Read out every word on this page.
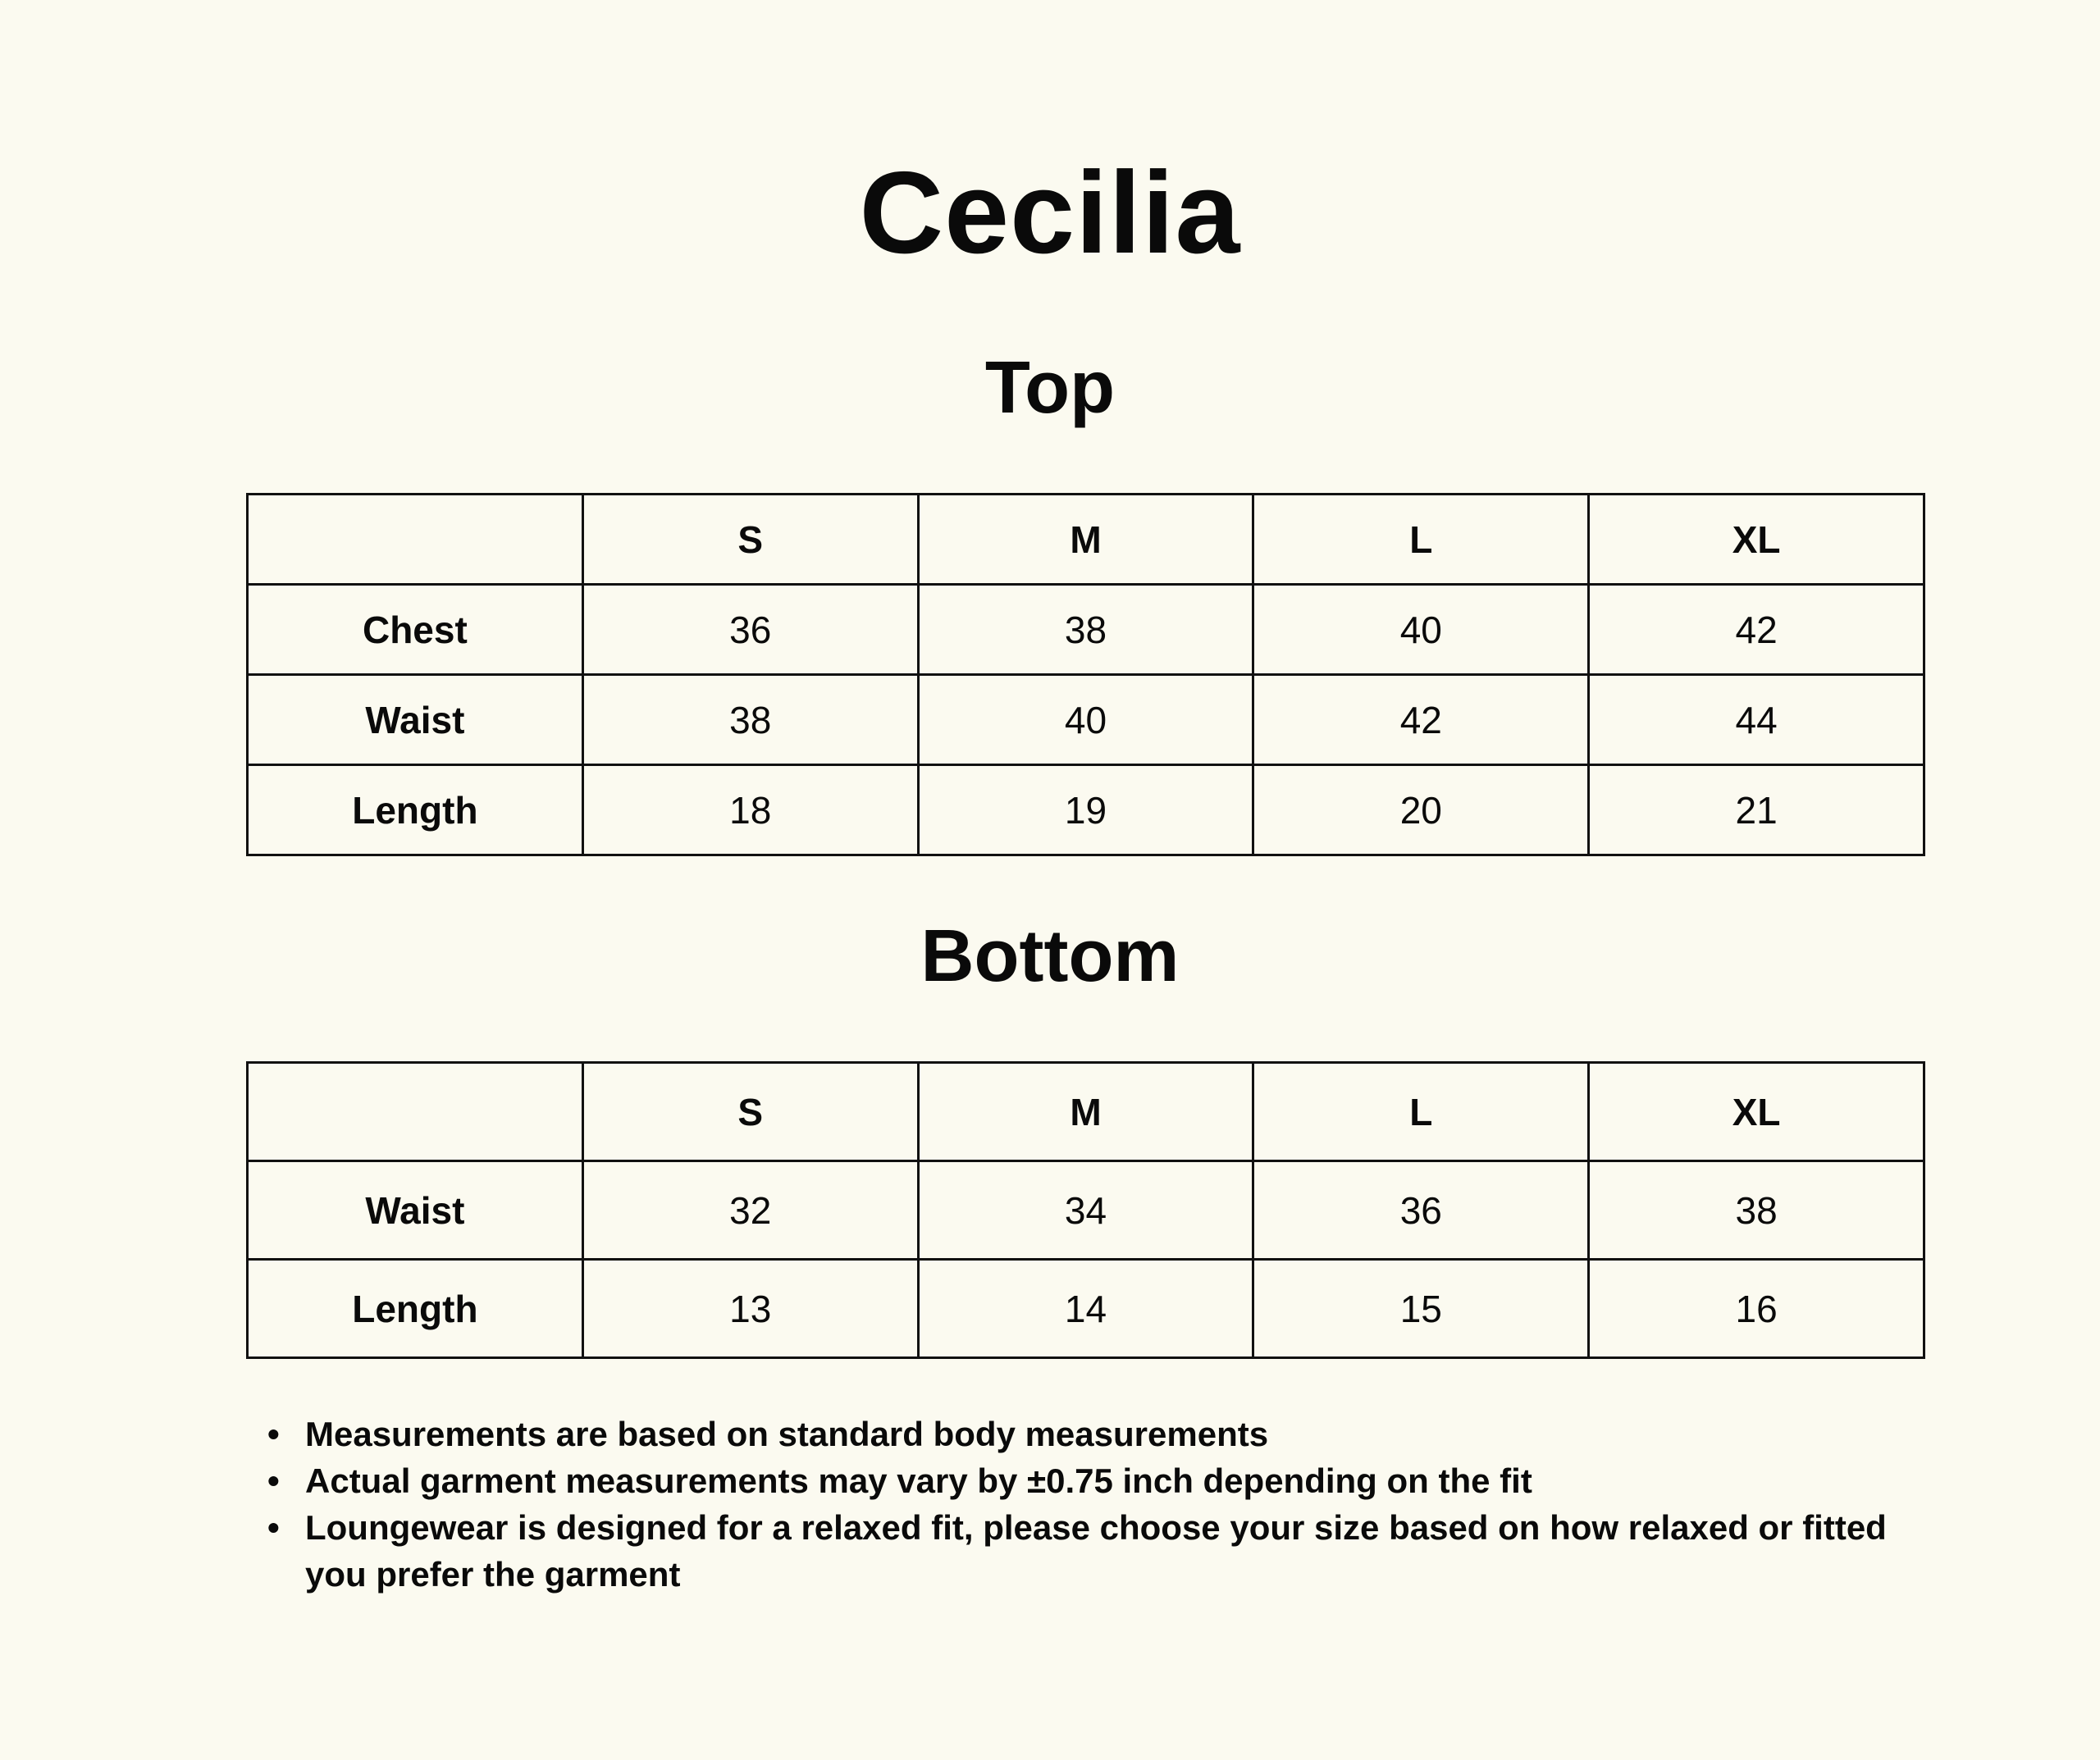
Cecilia
Top
	S	M	L	XL
Chest	36	38	40	42
Waist	38	40	42	44
Length	18	19	20	21
Bottom
	S	M	L	XL
Waist	32	34	36	38
Length	13	14	15	16
• Measurements are based on standard body measurements
• Actual garment measurements may vary by ±0.75 inch depending on the fit
• Loungewear is designed for a relaxed fit, please choose your size based on how relaxed or fitted you prefer the garment
